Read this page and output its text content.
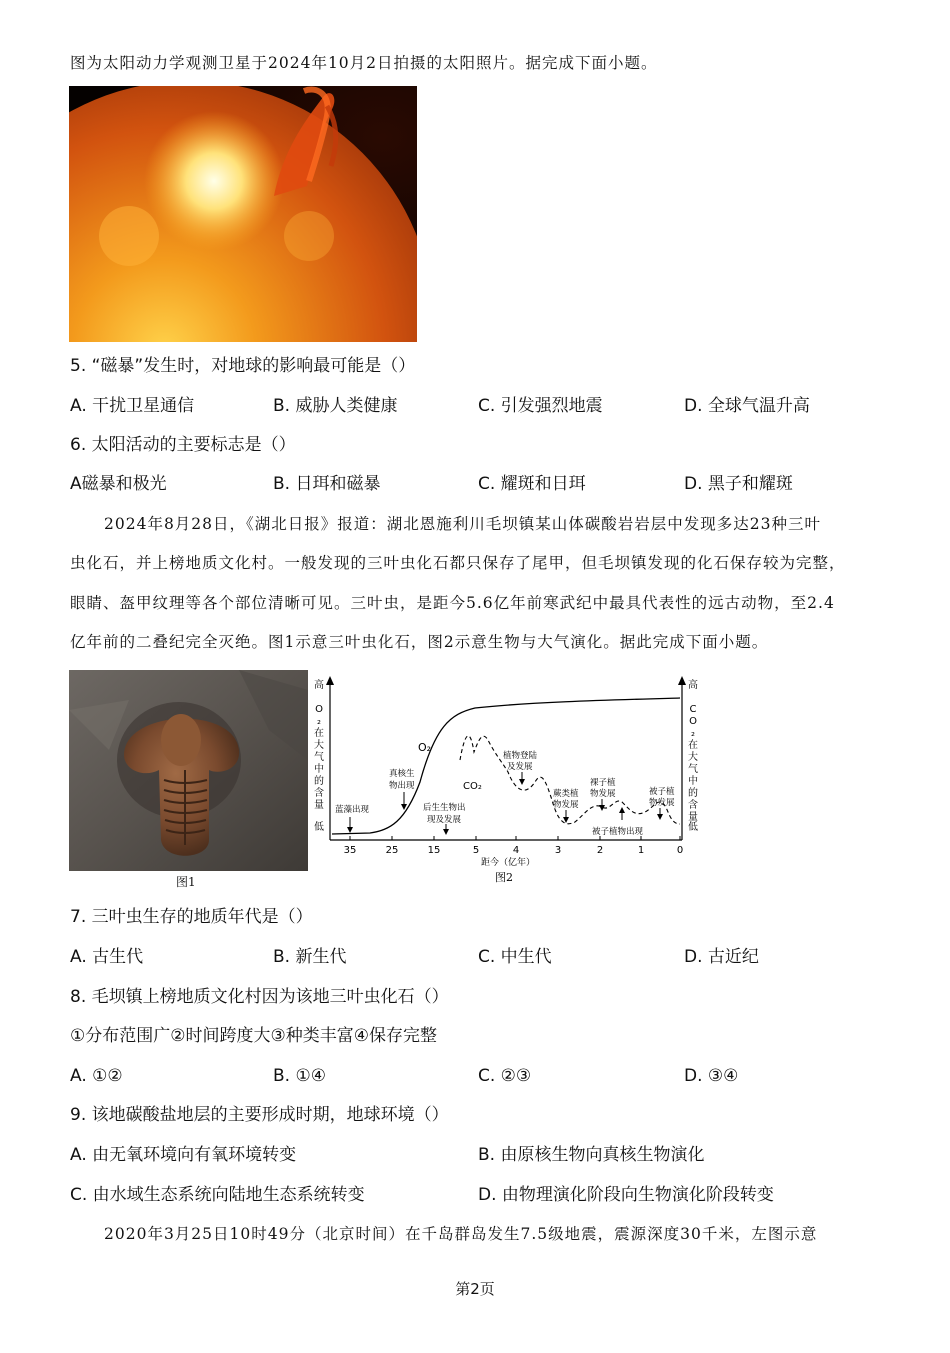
图为太阳动力学观测卫星于2024年10月2日拍摄的太阳照片。据完成下面小题。
5. “磁暴”发生时，对地球的影响最可能是（）
A. 干扰卫星通信	B. 威胁人类健康	C. 引发强烈地震	D. 全球气温升高
6. 太阳活动的主要标志是（）
A磁暴和极光	B. 日珥和磁暴	C. 耀斑和日珥	D. 黑子和耀斑
2024年8月28日，《湖北日报》报道：湖北恩施利川毛坝镇某山体碳酸岩岩层中发现多达23种三叶
虫化石，并上榜地质文化村。一般发现的三叶虫化石都只保存了尾甲，但毛坝镇发现的化石保存较为完整，
眼睛、盔甲纹理等各个部位清晰可见。三叶虫，是距今5.6亿年前寒武纪中最具代表性的远古动物，至2.4
亿年前的二叠纪完全灭绝。图1示意三叶虫化石，图2示意生物与大气演化。据此完成下面小题。
图1
高
低
O ₂ 在大气中的含量
高
低
C O ₂ 在大气中的含量
35	25	15	5	4	3	2	1	0
O₂
CO₂
蓝藻出现
真核生
物出现
后生生物出
现及发展
植物登陆
及发展
蕨类植
物发展
裸子植
物发展	被子植
物发展
被子植物出现
距今（亿年）
图2
7. 三叶虫生存的地质年代是（）
A. 古生代	B. 新生代	C. 中生代	D. 古近纪
8. 毛坝镇上榜地质文化村因为该地三叶虫化石（）
①分布范围广②时间跨度大③种类丰富④保存完整
A. ①②	B. ①④	C. ②③	D. ③④
9. 该地碳酸盐地层的主要形成时期，地球环境（）
A. 由无氧环境向有氧环境转变	B. 由原核生物向真核生物演化
C. 由水域生态系统向陆地生态系统转变	D. 由物理演化阶段向生物演化阶段转变
2020年3月25日10时49分（北京时间）在千岛群岛发生7.5级地震，震源深度30千米，左图示意
第2页
